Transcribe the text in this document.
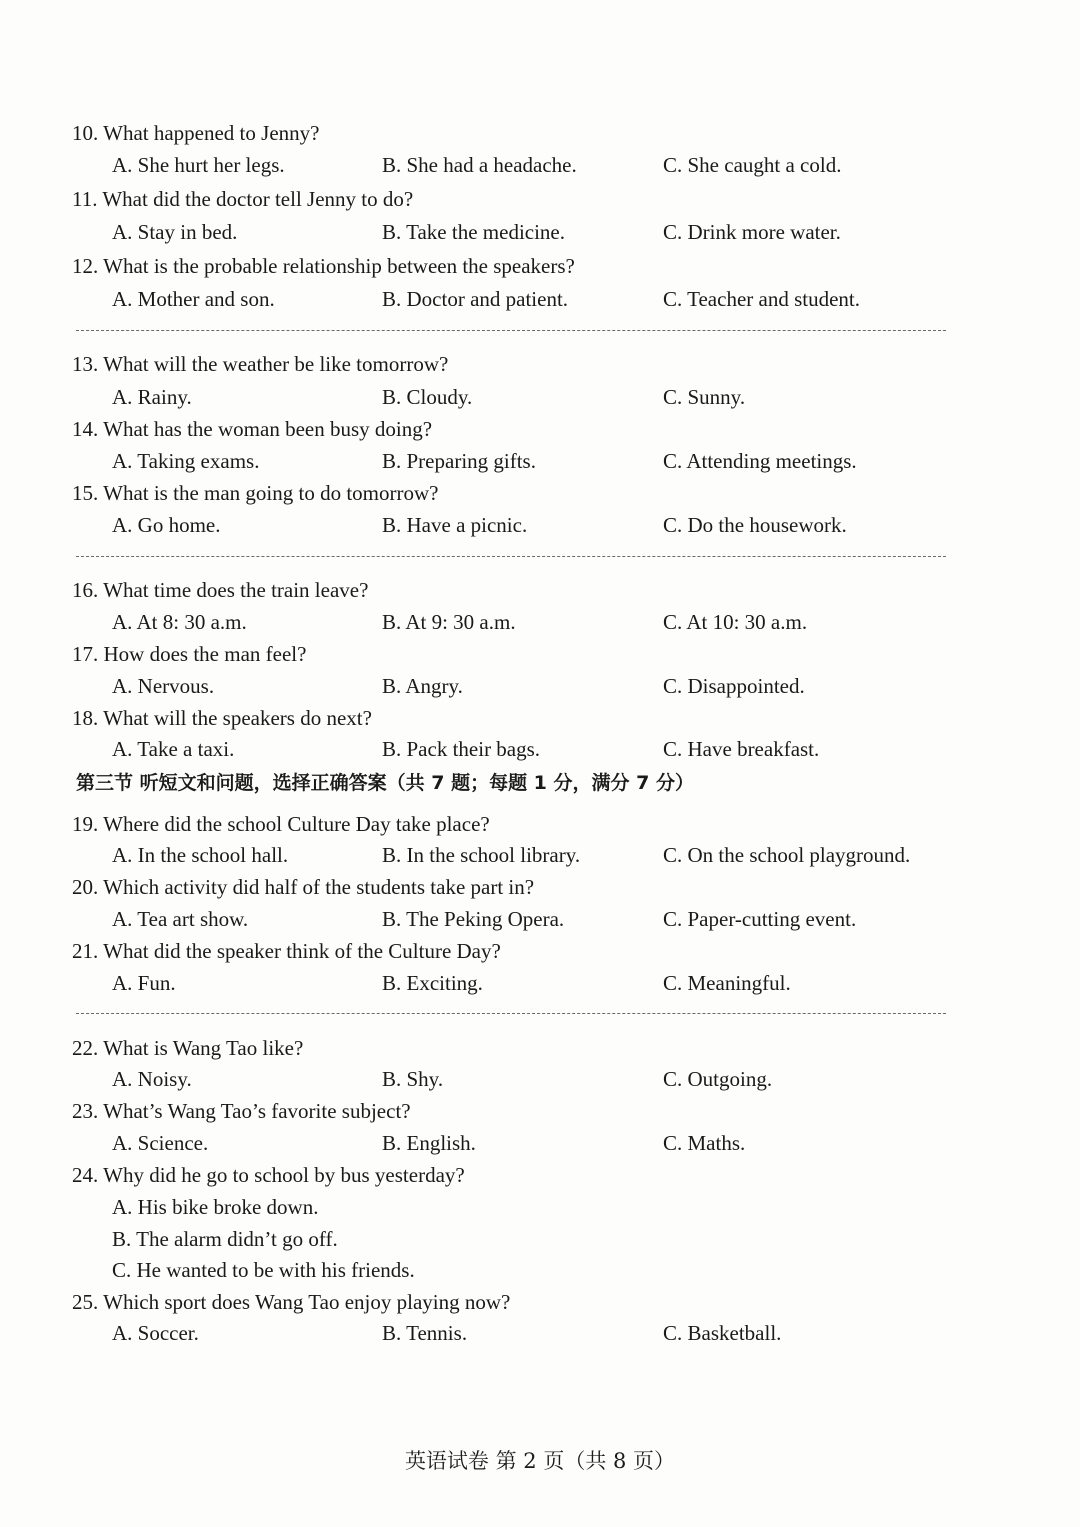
10. What happened to Jenny?
A. She hurt her legs.	B. She had a headache.	C. She caught a cold.
11. What did the doctor tell Jenny to do?
A. Stay in bed.	B. Take the medicine.	C. Drink more water.
12. What is the probable relationship between the speakers?
A. Mother and son.	B. Doctor and patient.	C. Teacher and student.
13. What will the weather be like tomorrow?
A. Rainy.	B. Cloudy.	C. Sunny.
14. What has the woman been busy doing?
A. Taking exams.	B. Preparing gifts.	C. Attending meetings.
15. What is the man going to do tomorrow?
A. Go home.	B. Have a picnic.	C. Do the housework.
16. What time does the train leave?
A. At 8: 30 a.m.	B. At 9: 30 a.m.	C. At 10: 30 a.m.
17. How does the man feel?
A. Nervous.	B. Angry.	C. Disappointed.
18. What will the speakers do next?
A. Take a taxi.	B. Pack their bags.	C. Have breakfast.
第三节 听短文和问题，选择正确答案（共 7 题；每题 1 分，满分 7 分）
19. Where did the school Culture Day take place?
A. In the school hall.	B. In the school library.	C. On the school playground.
20. Which activity did half of the students take part in?
A. Tea art show.	B. The Peking Opera.	C. Paper-cutting event.
21. What did the speaker think of the Culture Day?
A. Fun.	B. Exciting.	C. Meaningful.
22. What is Wang Tao like?
A. Noisy.	B. Shy.	C. Outgoing.
23. What’s Wang Tao’s favorite subject?
A. Science.	B. English.	C. Maths.
24. Why did he go to school by bus yesterday?
A. His bike broke down.
B. The alarm didn’t go off.
C. He wanted to be with his friends.
25. Which sport does Wang Tao enjoy playing now?
A. Soccer.	B. Tennis.	C. Basketball.
英语试卷 第 2 页（共 8 页）
